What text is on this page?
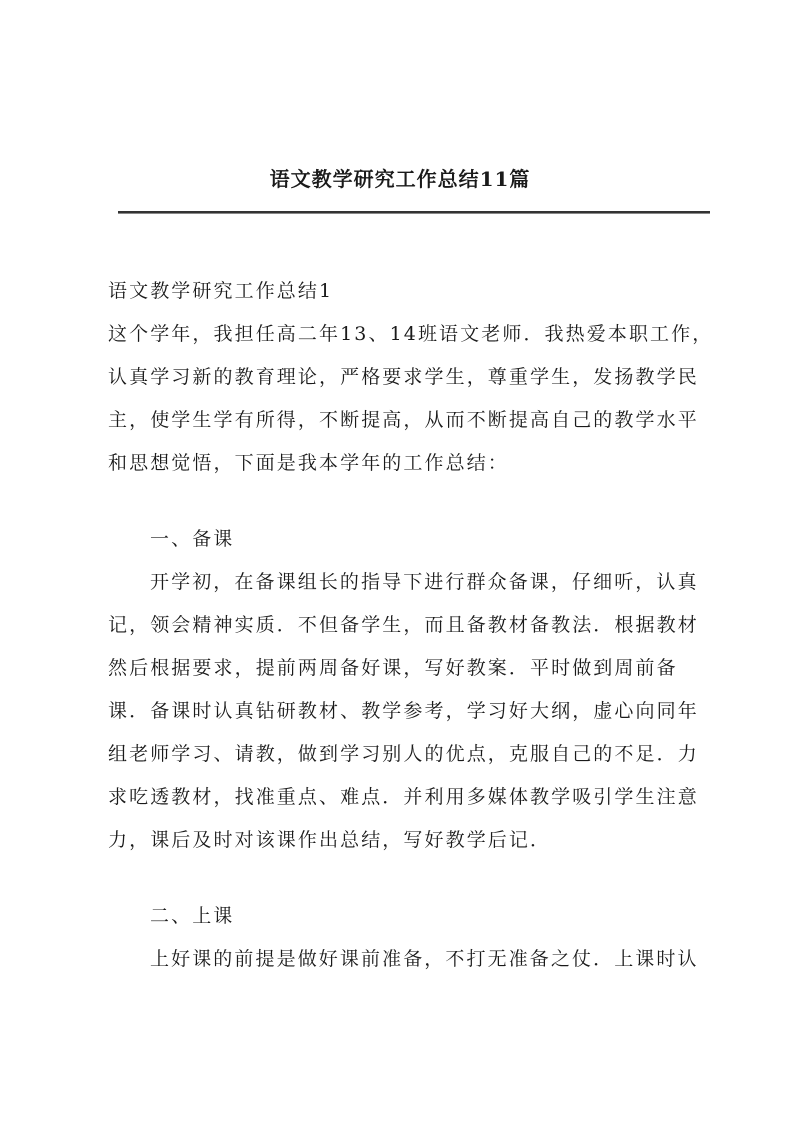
语文教学研究工作总结11篇
语文教学研究工作总结1
这个学年，我担任高二年13、14班语文老师．我热爱本职工作，
认真学习新的教育理论，严格要求学生，尊重学生，发扬教学民
主，使学生学有所得，不断提高，从而不断提高自己的教学水平
和思想觉悟，下面是我本学年的工作总结：
一、备课
开学初，在备课组长的指导下进行群众备课，仔细听，认真
记，领会精神实质．不但备学生，而且备教材备教法．根据教材
然后根据要求，提前两周备好课，写好教案．平时做到周前备
课．备课时认真钻研教材、教学参考，学习好大纲，虚心向同年
组老师学习、请教，做到学习别人的优点，克服自己的不足．力
求吃透教材，找准重点、难点．并利用多媒体教学吸引学生注意
力，课后及时对该课作出总结，写好教学后记．
二、上课
上好课的前提是做好课前准备，不打无准备之仗．上课时认
